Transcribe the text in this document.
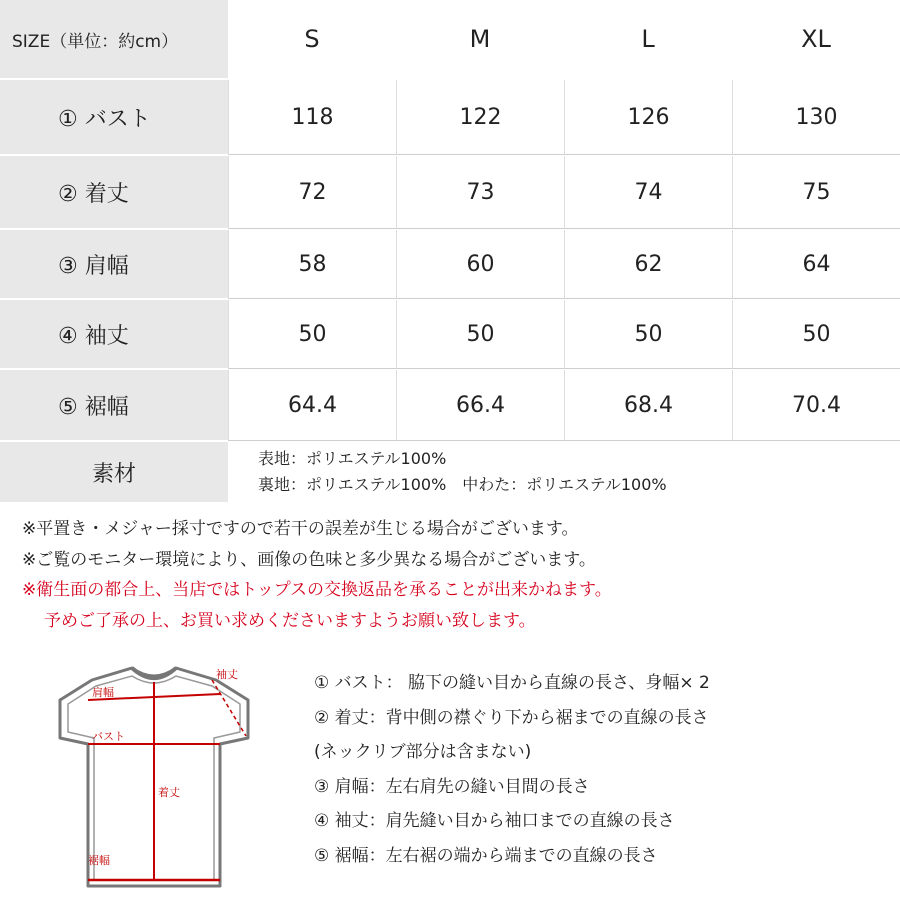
SIZE（単位：約cm）	S	M	L	XL
① バスト	118	122	126	130
② 着丈	72	73	74	75
③ 肩幅	58	60	62	64
④ 袖丈	50	50	50	50
⑤ 裾幅	64.4	66.4	68.4	70.4
素材
表地：ポリエステル100%
裏地：ポリエステル100%　中わた：ポリエステル100%
※平置き・メジャー採寸ですので若干の誤差が生じる場合がございます。
※ご覧のモニター環境により、画像の色味と多少異なる場合がございます。
※衛生面の都合上、当店ではトップスの交換返品を承ることが出来かねます。
予めご了承の上、お買い求めくださいますようお願い致します。
袖丈
肩幅
バスト
着丈
裾幅
① バスト： 脇下の縫い目から直線の長さ、身幅× 2
② 着丈：背中側の襟ぐり下から裾までの直線の長さ
(ネックリブ部分は含まない)
③ 肩幅：左右肩先の縫い目間の長さ
④ 袖丈：肩先縫い目から袖口までの直線の長さ
⑤ 裾幅：左右裾の端から端までの直線の長さ
